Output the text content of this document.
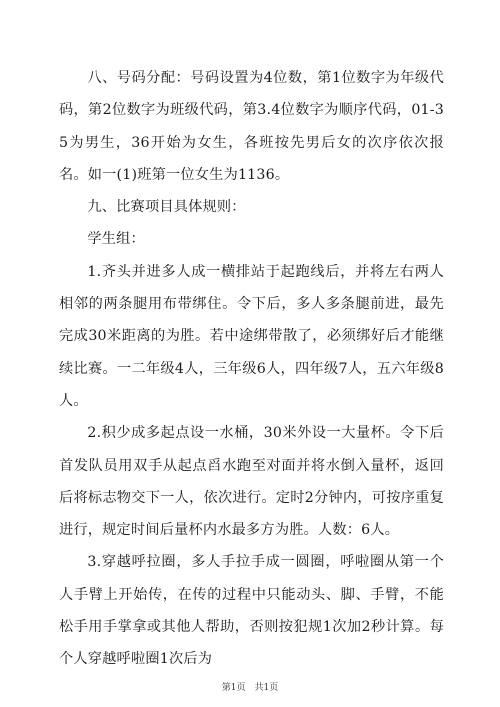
八、号码分配：号码设置为4位数，第1位数字为年级代码，第2位数字为班级代码，第3.4位数字为顺序代码，01-35为男生，36开始为女生，各班按先男后女的次序依次报名。如一(1)班第一位女生为1136。

九、比赛项目具体规则：

学生组：

1.齐头并进多人成一横排站于起跑线后，并将左右两人相邻的两条腿用布带绑住。令下后，多人多条腿前进，最先完成30米距离的为胜。若中途绑带散了，必须绑好后才能继续比赛。一二年级4人，三年级6人，四年级7人，五六年级8人。

2.积少成多起点设一水桶，30米外设一大量杯。令下后首发队员用双手从起点舀水跑至对面并将水倒入量杯，返回后将标志物交下一人，依次进行。定时2分钟内，可按序重复进行，规定时间后量杯内水最多方为胜。人数：6人。

3.穿越呼拉圈，多人手拉手成一圆圈，呼啦圈从第一个人手臂上开始传，在传的过程中只能动头、脚、手臂，不能松手用手掌拿或其他人帮助，否则按犯规1次加2秒计算。每个人穿越呼啦圈1次后为

第1页　共1页
